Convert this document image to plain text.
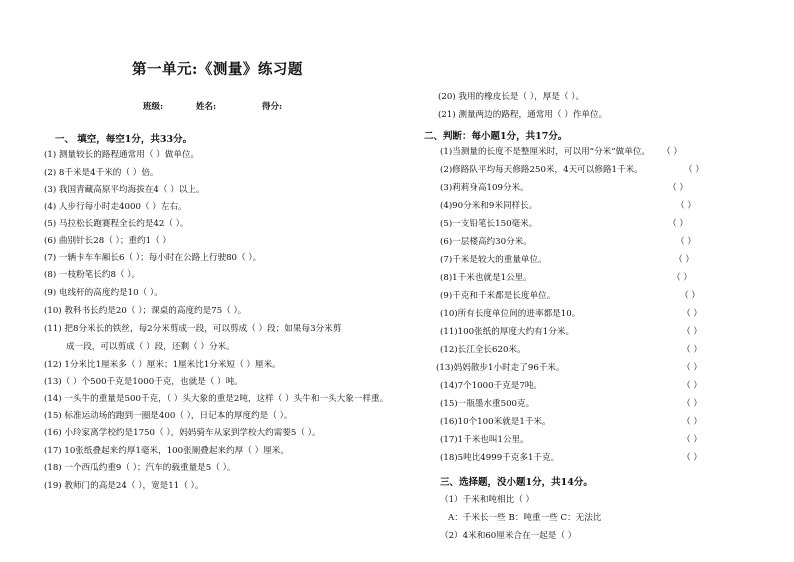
第一单元:《测量》练习题
班级:	姓名:	得分:
一、 填空，每空1分，共33分。
(1) 测量较长的路程通常用（ ）做单位。
(2) 8千米是4千米的（ ）倍。
(3) 我国青藏高原平均海拔在4（ ）以上。
(4) 人步行每小时走4000（ ）左右。
(5) 马拉松长跑赛程全长约是42（ ）。
(6) 曲别针长28（ ）；重约1（ ）
(7) 一辆卡车车厢长6（ ）；每小时在公路上行驶80（ ）。
(8) 一枝粉笔长约8（ ）。
(9) 电线杆的高度约是10（ ）。
(10) 教科书长约是20（ ）；课桌的高度约是75（ ）。
(11) 把8分米长的铁丝，每2分米剪成一段，可以剪成（ ）段；如果每3分米剪
成一段，可以剪成（ ）段，还剩（ ）分米。
(12) 1分米比1厘米多（ ）厘米；1厘米比1分米短（ ）厘米。
(13)（ ）个500千克是1000千克，也就是（ ）吨。
(14) 一头牛的重量是500千克，（ ）头大象的重是2吨，这样（ ）头牛和一头大象一样重。
(15) 标准运动场的跑到一圈是400（ ），日记本的厚度约是（ ）。
(16) 小玲家离学校约是1750（ ），妈妈骑车从家到学校大约需要5（ ）。
(17) 10张纸叠起来约厚1毫米，100张厕叠起来约厚（ ）厘米。
(18) 一个西瓜约重9（ ）；汽车的载重量是5（ ）。
(19) 教师门的高是24（ ），宽是11（ ）。
(20) 我用的橡皮长是（ ），厚是（ ）。
(21) 测量两边的路程，通常用（ ）作单位。
二、判断：每小题1分，共17分。
(1)当测量的长度不是整厘米时，可以用“分米”做单位。 （ ）
(2)修路队平均每天修路250米，4天可以修路1千米。	（ ）
(3)莉莉身高109分米。	（ ）
(4)90分米和9米同样长。	（ ）
(5)一支铅笔长150毫米。	（ ）
(6)一层楼高约30分米。	（ ）
(7)千米是较大的重量单位。	（ ）
(8)1千米也就是1公里。	（ ）
(9)千克和千米都是长度单位。	（ ）
(10)所有长度单位间的进率都是10。	（ ）
(11)100张纸的厚度大约有1分米。	（ ）
(12)长江全长620米。	（ ）
(13)妈妈散步1小时走了96千米。	（ ）
(14)7个1000千克是7吨。	（ ）
(15)一瓶墨水重500克。	（ ）
(16)10个100米就是1千米。	（ ）
(17)1千米也叫1公里。	（ ）
(18)5吨比4999千克多1千克。	（ ）
三、选择题，没小题1分，共14分。
（1）千米和吨相比（ ）
A：千米长一些 B：吨重一些 C：无法比
（2）4米和60厘米合在一起是（ ）
